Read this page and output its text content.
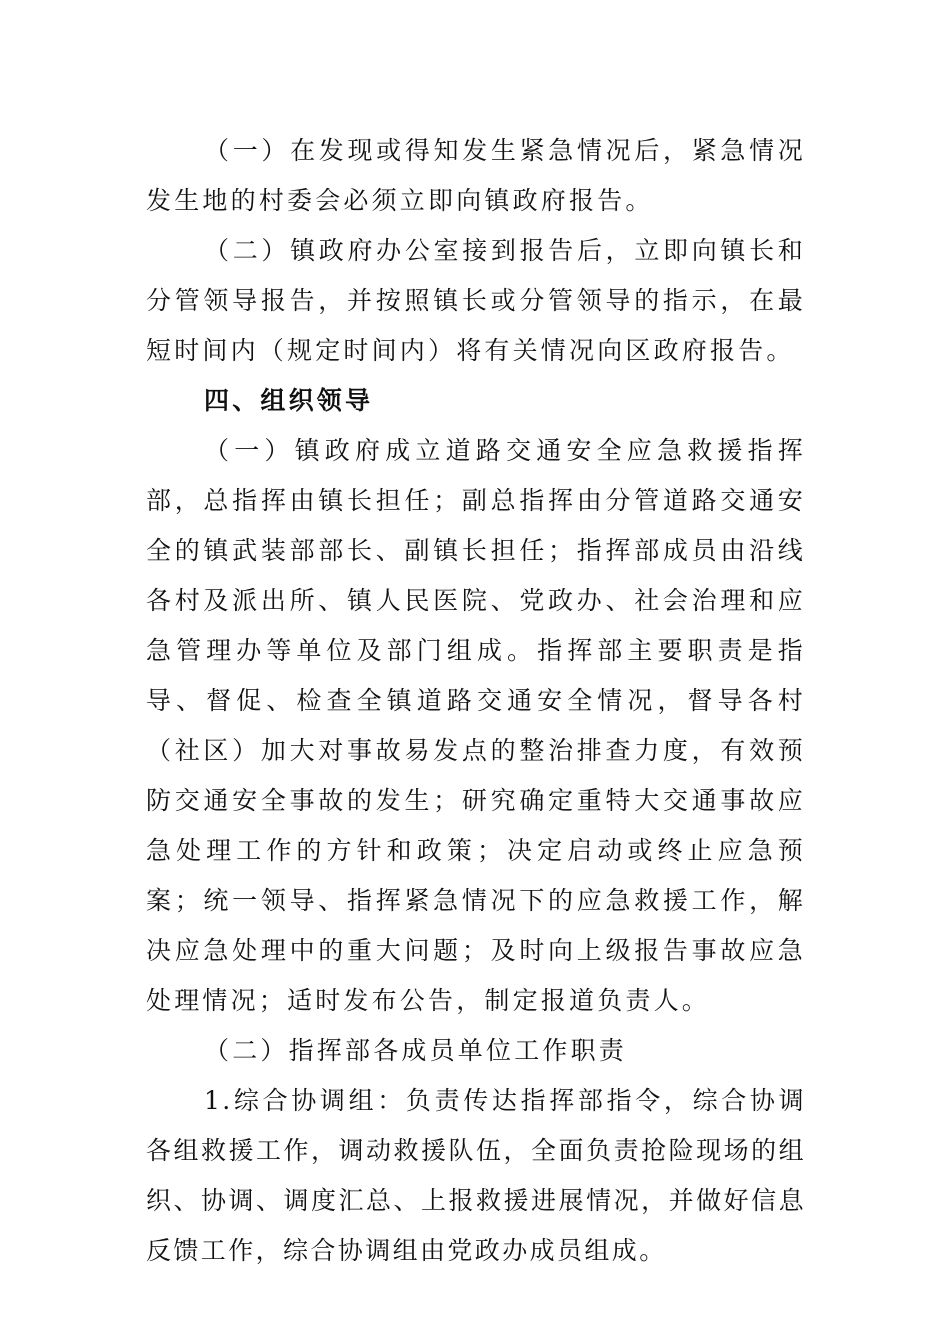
（一）在发现或得知发生紧急情况后，紧急情况发生地的村委会必须立即向镇政府报告。

（二）镇政府办公室接到报告后，立即向镇长和分管领导报告，并按照镇长或分管领导的指示，在最短时间内（规定时间内）将有关情况向区政府报告。

四、组织领导

（一）镇政府成立道路交通安全应急救援指挥部，总指挥由镇长担任；副总指挥由分管道路交通安全的镇武装部部长、副镇长担任；指挥部成员由沿线各村及派出所、镇人民医院、党政办、社会治理和应急管理办等单位及部门组成。指挥部主要职责是指导、督促、检查全镇道路交通安全情况，督导各村（社区）加大对事故易发点的整治排查力度，有效预防交通安全事故的发生；研究确定重特大交通事故应急处理工作的方针和政策；决定启动或终止应急预案；统一领导、指挥紧急情况下的应急救援工作，解决应急处理中的重大问题；及时向上级报告事故应急处理情况；适时发布公告，制定报道负责人。

（二）指挥部各成员单位工作职责

1.综合协调组：负责传达指挥部指令，综合协调各组救援工作，调动救援队伍，全面负责抢险现场的组织、协调、调度汇总、上报救援进展情况，并做好信息反馈工作，综合协调组由党政办成员组成。
